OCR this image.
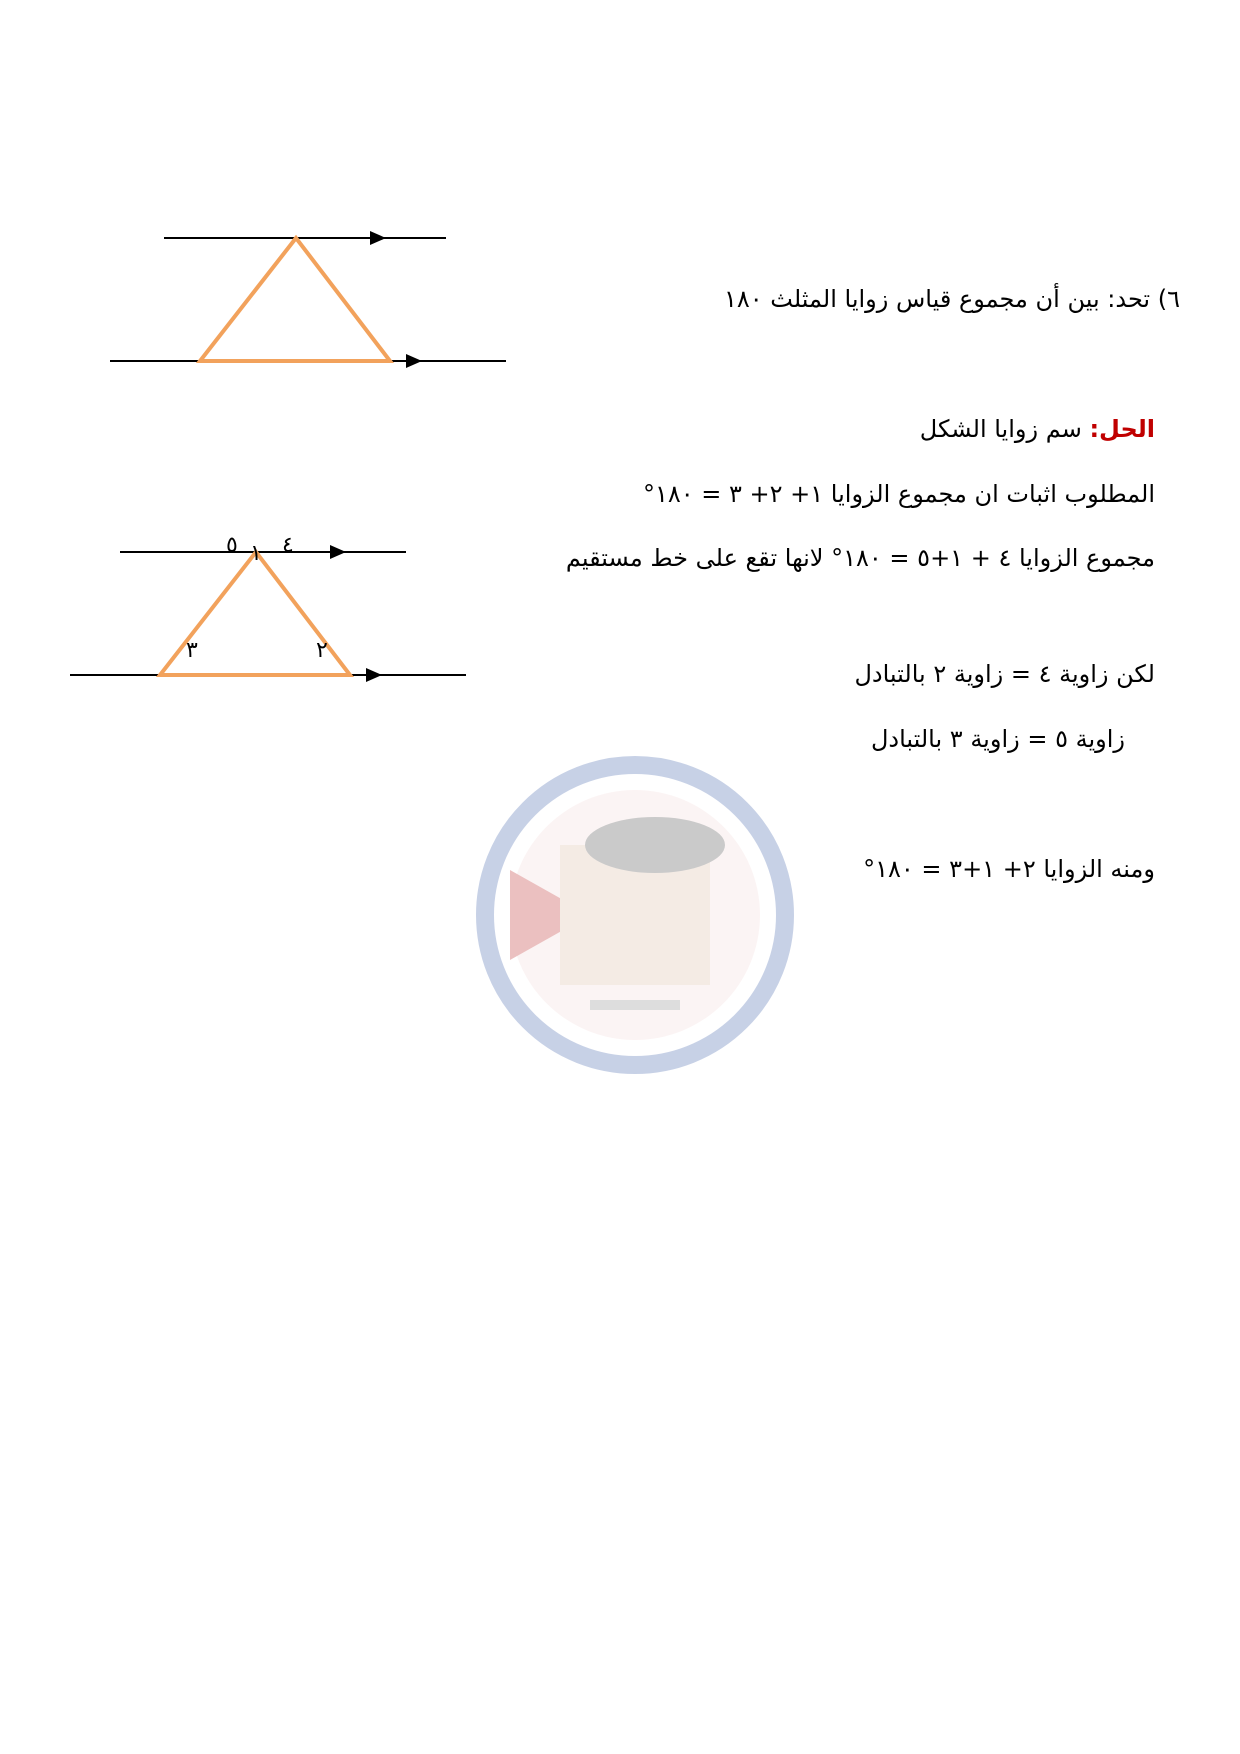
٥ ١ ٤
٣	٢
٦) تحد: بين أن مجموع قياس زوايا المثلث ١٨٠
الحل: سم زوايا الشكل
المطلوب اثبات ان مجموع الزوايا ١+ ٢+ ٣ = ١٨٠°
مجموع الزوايا ٤ + ١+٥ = ١٨٠° لانها تقع على خط مستقيم
لكن زاوية ٤ = زاوية ٢ بالتبادل
زاوية ٥ = زاوية ٣ بالتبادل
ومنه الزوايا ٢+ ١+٣ = ١٨٠°
